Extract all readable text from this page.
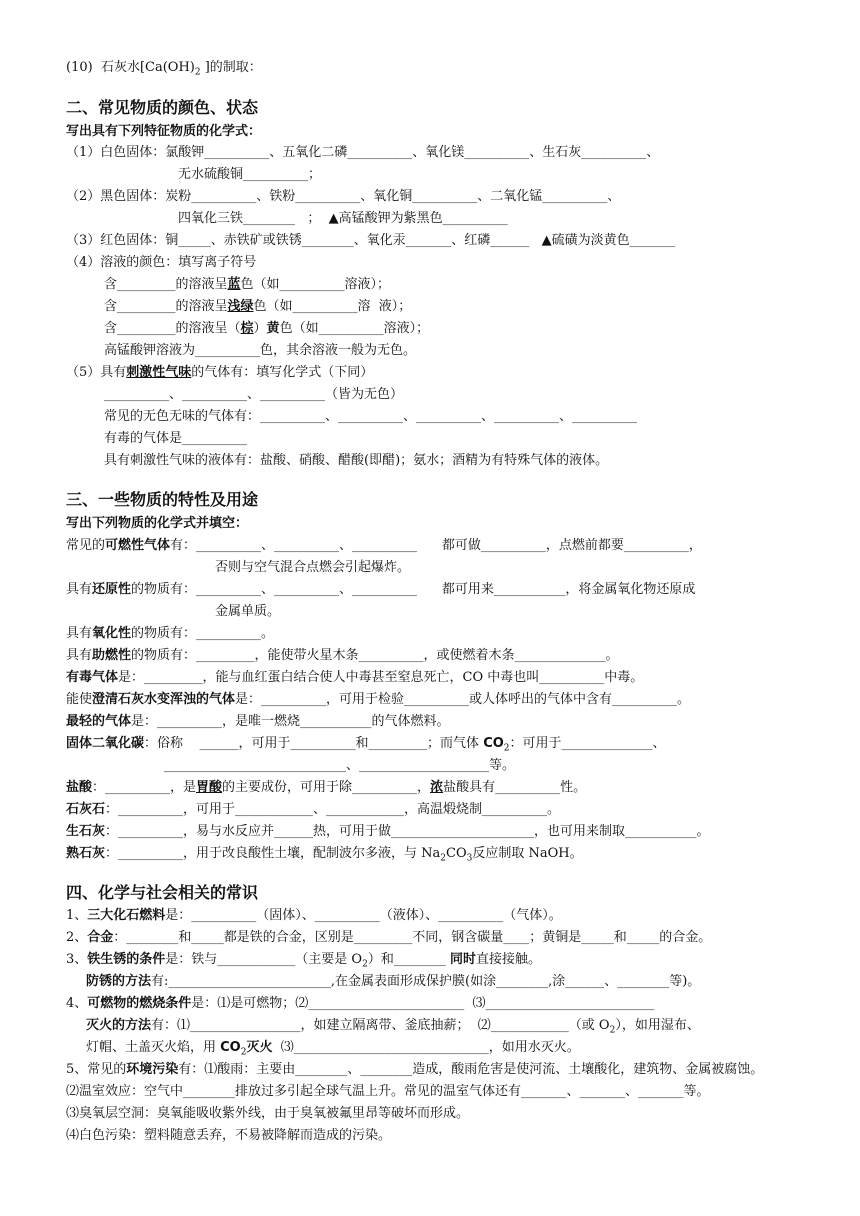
(10)  石灰水[$Ca(OH)_2$ ]的制取：
二、常见物质的颜色、状态
写出具有下列特征物质的化学式：
（1）白色固体：氯酸钾__________、五氧化二磷__________、氧化镁__________、生石灰__________、
无水硫酸铜__________；
（2）黑色固体：炭粉__________、铁粉__________、氧化铜__________、二氧化锰__________、
四氧化三铁________   ；  ▲高锰酸钾为紫黑色__________
（3）红色固体：铜_____、赤铁矿或铁锈________、氧化汞_______、红磷______   ▲硫磺为淡黄色_______
（4）溶液的颜色：填写离子符号
含_________的溶液呈蓝色（如__________溶液）；
含_________的溶液呈浅绿色（如__________溶  液）；
含_________的溶液呈（棕）黄色（如__________溶液）；
高锰酸钾溶液为__________色，其余溶液一般为无色。
（5）具有刺激性气味的气体有：填写化学式（下同）
__________、__________、__________（皆为无色）
常见的无色无味的气体有：__________、__________、__________、__________、__________
有毒的气体是__________
具有刺激性气味的液体有：盐酸、硝酸、醋酸(即醋)；氨水；酒精为有特殊气体的液体。
三、一些物质的特性及用途
写出下列物质的化学式并填空：
常见的可燃性气体有：__________、__________、__________      都可做__________，点燃前都要__________，
否则与空气混合点燃会引起爆炸。
具有还原性的物质有：__________、__________、__________      都可用来___________，将金属氧化物还原成
金属单质。
具有氧化性的物质有：__________。
具有助燃性的物质有：_________，能使带火星木条__________，或使燃着木条______________。
有毒气体是：_________，能与血红蛋白结合使人中毒甚至窒息死亡，CO 中毒也叫__________中毒。
能使澄清石灰水变浑浊的气体是：__________，可用于检验__________或人体呼出的气体中含有__________。
最轻的气体是：__________，是唯一燃烧___________的气体燃料。
固体二氧化碳：俗称    ______，可用于__________和_________；而气体 $CO_2$：可用于______________、
____________________________、____________________等。
盐酸：__________，是胃酸的主要成份，可用于除__________，浓盐酸具有__________性。
石灰石：__________，可用于____________、____________，高温煅烧制__________。
生石灰：__________，易与水反应并______热，可用于做______________________，也可用来制取___________。
熟石灰：__________，用于改良酸性土壤，配制波尔多液，与 $Na_2CO_3$反应制取 NaOH。
四、化学与社会相关的常识
1、三大化石燃料是：__________（固体）、__________（液体）、__________（气体）。
2、合金：________和_____都是铁的合金，区别是_________不同，钢含碳量____；黄铜是_____和_____的合金。
3、铁生锈的条件是：铁与____________（主要是 $O_2$）和________ 同时直接接触。
防锈的方法有:_________________________,在金属表面形成保护膜(如涂________,涂______、________等)。
4、可燃物的燃烧条件是：⑴是可燃物；⑵________________________  ⑶__________________________
灭火的方法有：⑴_________________，如建立隔离带、釜底抽薪；  ⑵____________（或 $O_2$），如用湿布、
灯帽、土盖灭火焰，用 $CO_2$灭火  ⑶______________________________，如用水灭火。
5、常见的环境污染有：⑴酸雨：主要由________、________造成，酸雨危害是使河流、土壤酸化，建筑物、金属被腐蚀。
⑵温室效应：空气中________排放过多引起全球气温上升。常见的温室气体还有_______、_______、_______等。
⑶臭氧层空洞：臭氧能吸收紫外线，由于臭氧被氟里昂等破坏而形成。
⑷白色污染：塑料随意丢弃，不易被降解而造成的污染。
